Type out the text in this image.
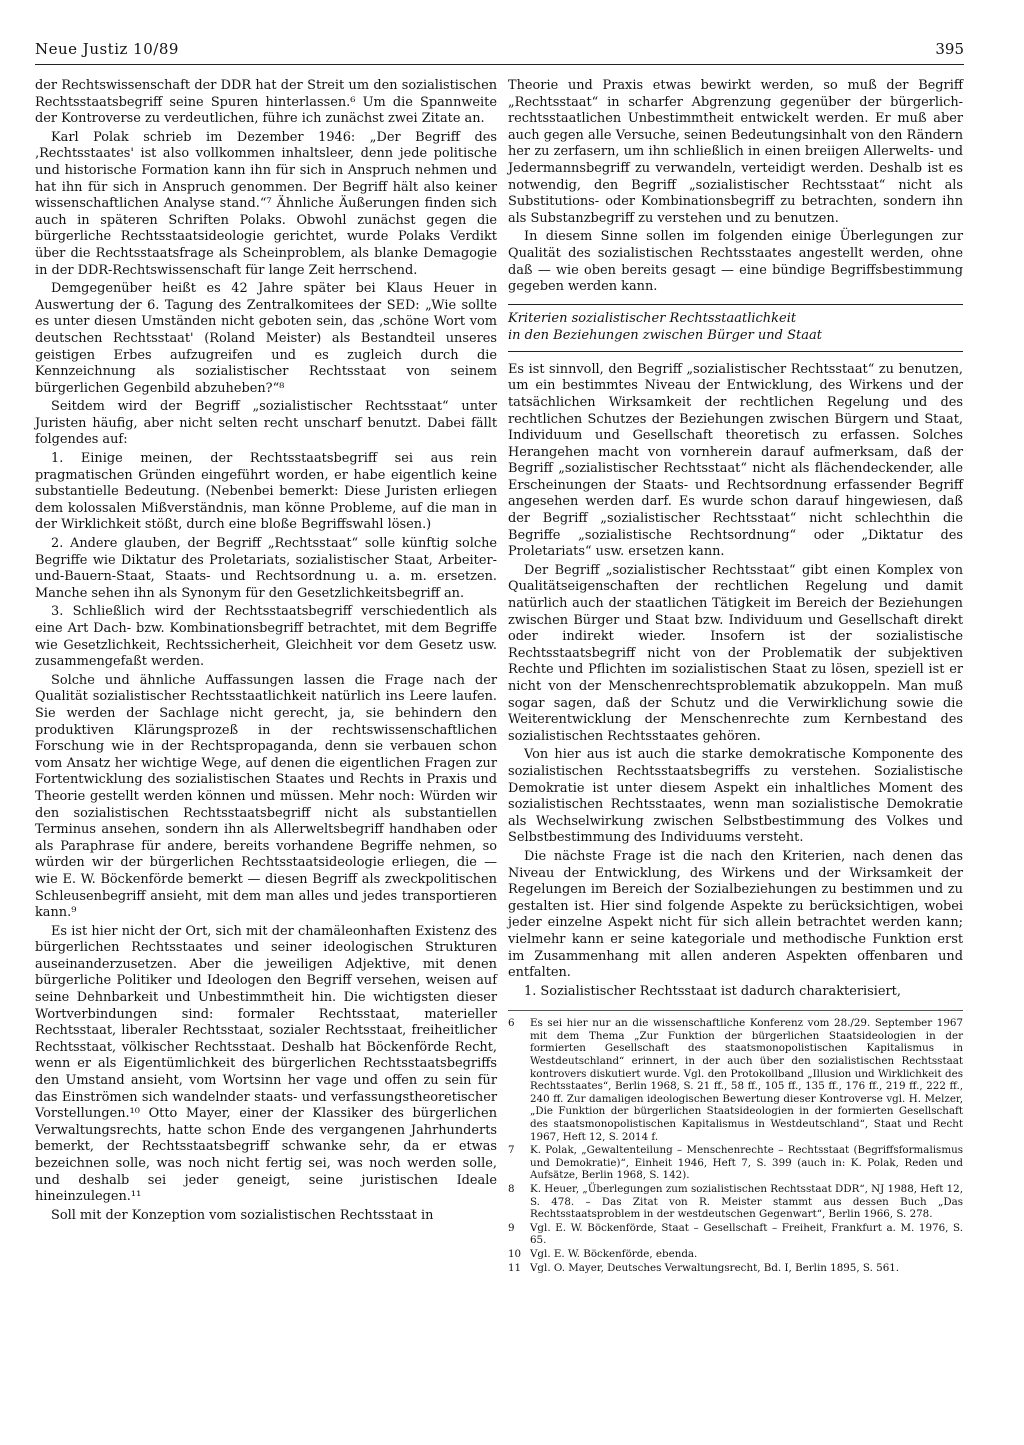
Neue Justiz 10/89	395

der Rechtswissenschaft der DDR hat der Streit um den sozialistischen Rechtsstaatsbegriff seine Spuren hinterlassen.⁶ Um die Spannweite der Kontroverse zu verdeutlichen, führe ich zunächst zwei Zitate an.

Karl Polak schrieb im Dezember 1946: „Der Begriff des ‚Rechtsstaates' ist also vollkommen inhaltsleer, denn jede politische und historische Formation kann ihn für sich in Anspruch nehmen und hat ihn für sich in Anspruch genommen. Der Begriff hält also keiner wissenschaftlichen Analyse stand.“⁷ Ähnliche Äußerungen finden sich auch in späteren Schriften Polaks. Obwohl zunächst gegen die bürgerliche Rechtsstaatsideologie gerichtet, wurde Polaks Verdikt über die Rechtsstaatsfrage als Scheinproblem, als blanke Demagogie in der DDR-Rechtswissenschaft für lange Zeit herrschend.

Demgegenüber heißt es 42 Jahre später bei Klaus Heuer in Auswertung der 6. Tagung des Zentralkomitees der SED: „Wie sollte es unter diesen Umständen nicht geboten sein, das ‚schöne Wort vom deutschen Rechtsstaat' (Roland Meister) als Bestandteil unseres geistigen Erbes aufzugreifen und es zugleich durch die Kennzeichnung als sozialistischer Rechtsstaat von seinem bürgerlichen Gegenbild abzuheben?“⁸

Seitdem wird der Begriff „sozialistischer Rechtsstaat“ unter Juristen häufig, aber nicht selten recht unscharf benutzt. Dabei fällt folgendes auf:

1. Einige meinen, der Rechtsstaatsbegriff sei aus rein pragmatischen Gründen eingeführt worden, er habe eigentlich keine substantielle Bedeutung. (Nebenbei bemerkt: Diese Juristen erliegen dem kolossalen Mißverständnis, man könne Probleme, auf die man in der Wirklichkeit stößt, durch eine bloße Begriffswahl lösen.)

2. Andere glauben, der Begriff „Rechtsstaat“ solle künftig solche Begriffe wie Diktatur des Proletariats, sozialistischer Staat, Arbeiter-und-Bauern-Staat, Staats- und Rechtsordnung u. a. m. ersetzen. Manche sehen ihn als Synonym für den Gesetzlichkeitsbegriff an.

3. Schließlich wird der Rechtsstaatsbegriff verschiedentlich als eine Art Dach- bzw. Kombinationsbegriff betrachtet, mit dem Begriffe wie Gesetzlichkeit, Rechtssicherheit, Gleichheit vor dem Gesetz usw. zusammengefaßt werden.

Solche und ähnliche Auffassungen lassen die Frage nach der Qualität sozialistischer Rechtsstaatlichkeit natürlich ins Leere laufen. Sie werden der Sachlage nicht gerecht, ja, sie behindern den produktiven Klärungsprozeß in der rechtswissenschaftlichen Forschung wie in der Rechtspropaganda, denn sie verbauen schon vom Ansatz her wichtige Wege, auf denen die eigentlichen Fragen zur Fortentwicklung des sozialistischen Staates und Rechts in Praxis und Theorie gestellt werden können und müssen. Mehr noch: Würden wir den sozialistischen Rechtsstaatsbegriff nicht als substantiellen Terminus ansehen, sondern ihn als Allerweltsbegriff handhaben oder als Paraphrase für andere, bereits vorhandene Begriffe nehmen, so würden wir der bürgerlichen Rechtsstaatsideologie erliegen, die — wie E. W. Böckenförde bemerkt — diesen Begriff als zweckpolitischen Schleusenbegriff ansieht, mit dem man alles und jedes transportieren kann.⁹

Es ist hier nicht der Ort, sich mit der chamäleonhaften Existenz des bürgerlichen Rechtsstaates und seiner ideologischen Strukturen auseinanderzusetzen. Aber die jeweiligen Adjektive, mit denen bürgerliche Politiker und Ideologen den Begriff versehen, weisen auf seine Dehnbarkeit und Unbestimmtheit hin. Die wichtigsten dieser Wortverbindungen sind: formaler Rechtsstaat, materieller Rechtsstaat, liberaler Rechtsstaat, sozialer Rechtsstaat, freiheitlicher Rechtsstaat, völkischer Rechtsstaat. Deshalb hat Böckenförde Recht, wenn er als Eigentümlichkeit des bürgerlichen Rechtsstaatsbegriffs den Umstand ansieht, vom Wortsinn her vage und offen zu sein für das Einströmen sich wandelnder staats- und verfassungstheoretischer Vorstellungen.¹⁰ Otto Mayer, einer der Klassiker des bürgerlichen Verwaltungsrechts, hatte schon Ende des vergangenen Jahrhunderts bemerkt, der Rechtsstaatsbegriff schwanke sehr, da er etwas bezeichnen solle, was noch nicht fertig sei, was noch werden solle, und deshalb sei jeder geneigt, seine juristischen Ideale hineinzulegen.¹¹

Soll mit der Konzeption vom sozialistischen Rechtsstaat in

Theorie und Praxis etwas bewirkt werden, so muß der Begriff „Rechtsstaat“ in scharfer Abgrenzung gegenüber der bürgerlich-rechtsstaatlichen Unbestimmtheit entwickelt werden. Er muß aber auch gegen alle Versuche, seinen Bedeutungsinhalt von den Rändern her zu zerfasern, um ihn schließlich in einen breiigen Allerwelts- und Jedermannsbegriff zu verwandeln, verteidigt werden. Deshalb ist es notwendig, den Begriff „sozialistischer Rechtsstaat“ nicht als Substitutions- oder Kombinationsbegriff zu betrachten, sondern ihn als Substanzbegriff zu verstehen und zu benutzen.

In diesem Sinne sollen im folgenden einige Überlegungen zur Qualität des sozialistischen Rechtsstaates angestellt werden, ohne daß — wie oben bereits gesagt — eine bündige Begriffsbestimmung gegeben werden kann.

Kriterien sozialistischer Rechtsstaatlichkeit
in den Beziehungen zwischen Bürger und Staat

Es ist sinnvoll, den Begriff „sozialistischer Rechtsstaat“ zu benutzen, um ein bestimmtes Niveau der Entwicklung, des Wirkens und der tatsächlichen Wirksamkeit der rechtlichen Regelung und des rechtlichen Schutzes der Beziehungen zwischen Bürgern und Staat, Individuum und Gesellschaft theoretisch zu erfassen. Solches Herangehen macht von vornherein darauf aufmerksam, daß der Begriff „sozialistischer Rechtsstaat“ nicht als flächendeckender, alle Erscheinungen der Staats- und Rechtsordnung erfassender Begriff angesehen werden darf. Es wurde schon darauf hingewiesen, daß der Begriff „sozialistischer Rechtsstaat“ nicht schlechthin die Begriffe „sozialistische Rechtsordnung“ oder „Diktatur des Proletariats“ usw. ersetzen kann.

Der Begriff „sozialistischer Rechtsstaat“ gibt einen Komplex von Qualitätseigenschaften der rechtlichen Regelung und damit natürlich auch der staatlichen Tätigkeit im Bereich der Beziehungen zwischen Bürger und Staat bzw. Individuum und Gesellschaft direkt oder indirekt wieder. Insofern ist der sozialistische Rechtsstaatsbegriff nicht von der Problematik der subjektiven Rechte und Pflichten im sozialistischen Staat zu lösen, speziell ist er nicht von der Menschenrechtsproblematik abzukoppeln. Man muß sogar sagen, daß der Schutz und die Verwirklichung sowie die Weiterentwicklung der Menschenrechte zum Kernbestand des sozialistischen Rechtsstaates gehören.

Von hier aus ist auch die starke demokratische Komponente des sozialistischen Rechtsstaatsbegriffs zu verstehen. Sozialistische Demokratie ist unter diesem Aspekt ein inhaltliches Moment des sozialistischen Rechtsstaates, wenn man sozialistische Demokratie als Wechselwirkung zwischen Selbstbestimmung des Volkes und Selbstbestimmung des Individuums versteht.

Die nächste Frage ist die nach den Kriterien, nach denen das Niveau der Entwicklung, des Wirkens und der Wirksamkeit der Regelungen im Bereich der Sozialbeziehungen zu bestimmen und zu gestalten ist. Hier sind folgende Aspekte zu berücksichtigen, wobei jeder einzelne Aspekt nicht für sich allein betrachtet werden kann; vielmehr kann er seine kategoriale und methodische Funktion erst im Zusammenhang mit allen anderen Aspekten offenbaren und entfalten.

1. Sozialistischer Rechtsstaat ist dadurch charakterisiert,

6	Es sei hier nur an die wissenschaftliche Konferenz vom 28./29. September 1967 mit dem Thema „Zur Funktion der bürgerlichen Staatsideologien in der formierten Gesellschaft des staatsmonopolistischen Kapitalismus in Westdeutschland“ erinnert, in der auch über den sozialistischen Rechtsstaat kontrovers diskutiert wurde. Vgl. den Protokollband „Illusion und Wirklichkeit des Rechtsstaates“, Berlin 1968, S. 21 ff., 58 ff., 105 ff., 135 ff., 176 ff., 219 ff., 222 ff., 240 ff. Zur damaligen ideologischen Bewertung dieser Kontroverse vgl. H. Melzer, „Die Funktion der bürgerlichen Staatsideologien in der formierten Gesellschaft des staatsmonopolistischen Kapitalismus in Westdeutschland“, Staat und Recht 1967, Heft 12, S. 2014 f.
7	K. Polak, „Gewaltenteilung – Menschenrechte – Rechtsstaat (Begriffsformalismus und Demokratie)“, Einheit 1946, Heft 7, S. 399 (auch in: K. Polak, Reden und Aufsätze, Berlin 1968, S. 142).
8	K. Heuer, „Überlegungen zum sozialistischen Rechtsstaat DDR“, NJ 1988, Heft 12, S. 478. – Das Zitat von R. Meister stammt aus dessen Buch „Das Rechtsstaatsproblem in der westdeutschen Gegenwart“, Berlin 1966, S. 278.
9	Vgl. E. W. Böckenförde, Staat – Gesellschaft – Freiheit, Frankfurt a. M. 1976, S. 65.
10 Vgl. E. W. Böckenförde, ebenda.
11 Vgl. O. Mayer, Deutsches Verwaltungsrecht, Bd. I, Berlin 1895, S. 561.
